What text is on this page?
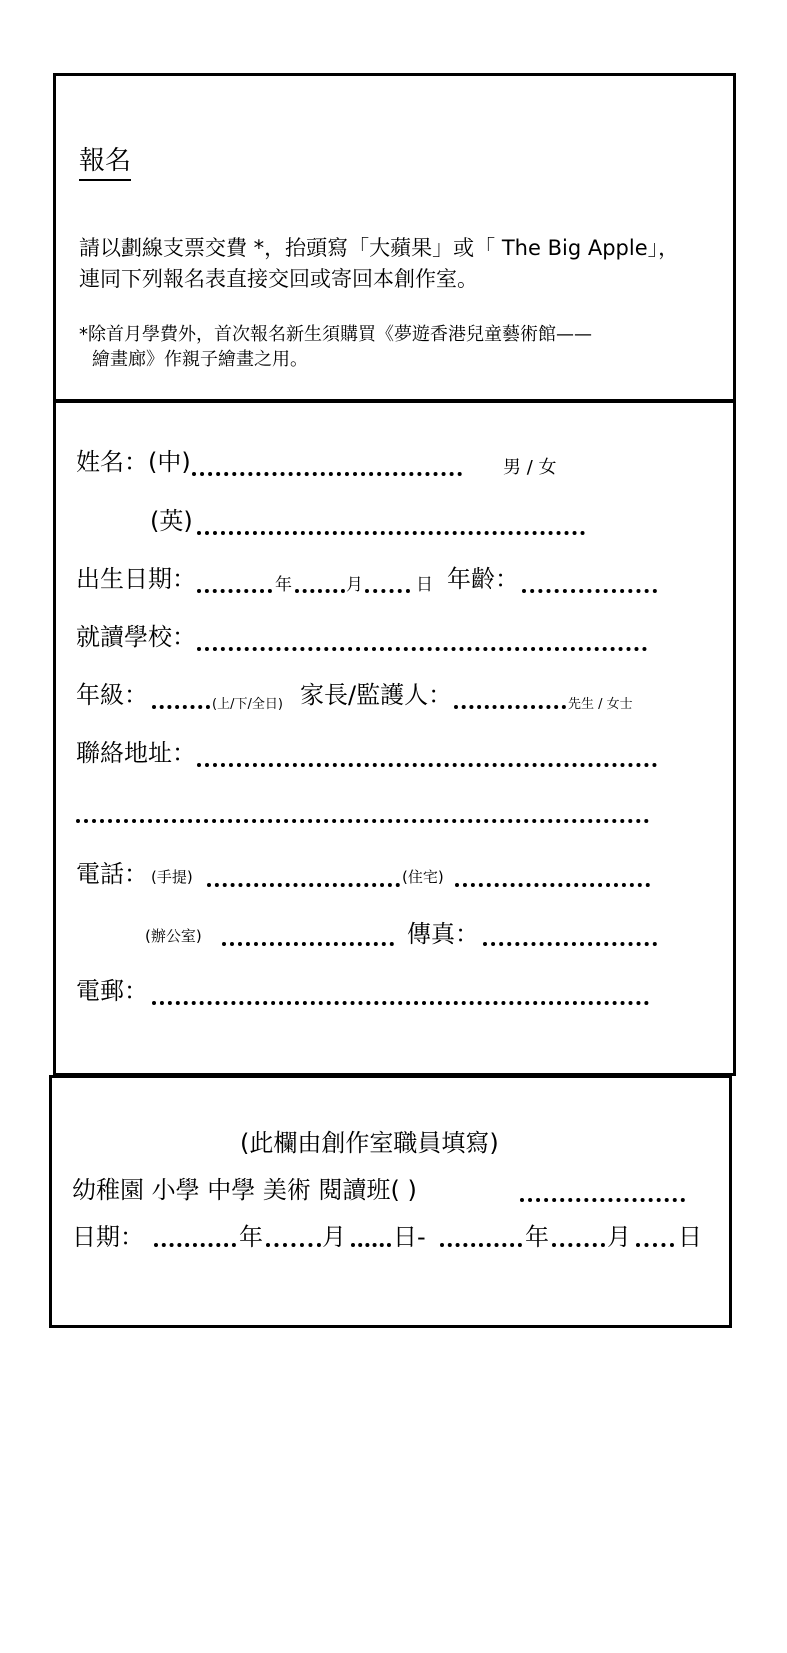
報名
請以劃線支票交費 *，抬頭寫「大蘋果」或「 The Big Apple」，
連同下列報名表直接交回或寄回本創作室。
*除首月學費外，首次報名新生須購買《夢遊香港兒童藝術館——
繪畫廊》作親子繪畫之用。
姓名：(中)	男 / 女
(英)
出生日期：	年	月	日 年齡：
就讀學校：
年級：	(上/下/全日) 家長/監護人：	先生 / 女士
聯絡地址：
電話： (手提)	(住宅)
(辦公室)	傳真：
電郵：
(此欄由創作室職員填寫)
幼稚園 小學 中學 美術 閱讀班( )
日期：	年 月 日-	年 月 日
